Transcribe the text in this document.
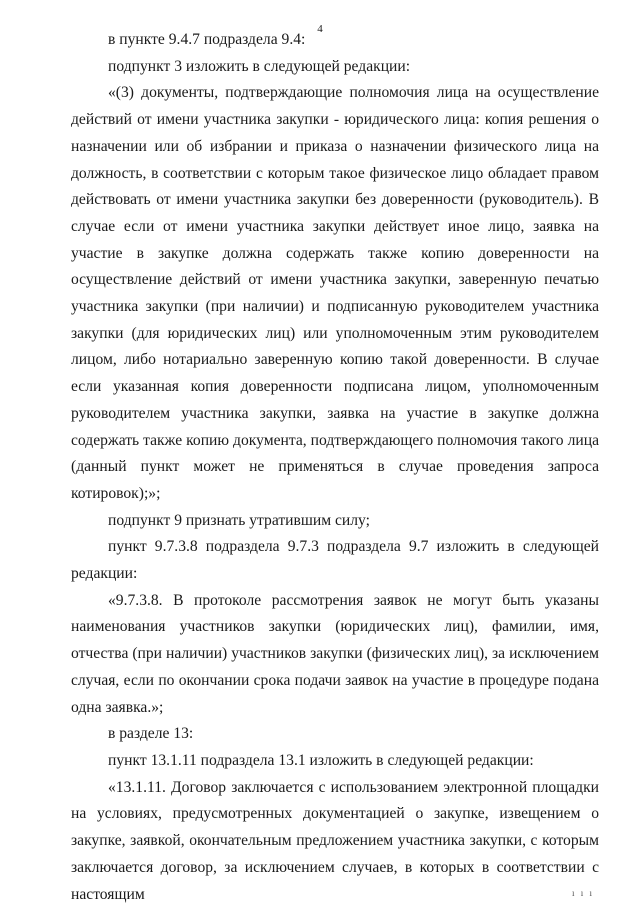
4

в пункте 9.4.7 подраздела 9.4:

подпункт 3 изложить в следующей редакции:

«(3) документы, подтверждающие полномочия лица на осуществление действий от имени участника закупки - юридического лица: копия решения о назначении или об избрании и приказа о назначении физического лица на должность, в соответствии с которым такое физическое лицо обладает правом действовать от имени участника закупки без доверенности (руководитель). В случае если от имени участника закупки действует иное лицо, заявка на участие в закупке должна содержать также копию доверенности на осуществление действий от имени участника закупки, заверенную печатью участника закупки (при наличии) и подписанную руководителем участника закупки (для юридических лиц) или уполномоченным этим руководителем лицом, либо нотариально заверенную копию такой доверенности. В случае если указанная копия доверенности подписана лицом, уполномоченным руководителем участника закупки, заявка на участие в закупке должна содержать также копию документа, подтверждающего полномочия такого лица (данный пункт может не применяться в случае проведения запроса котировок);»;

подпункт 9 признать утратившим силу;

пункт 9.7.3.8 подраздела 9.7.3 подраздела 9.7 изложить в следующей редакции:

«9.7.3.8. В протоколе рассмотрения заявок не могут быть указаны наименования участников закупки (юридических лиц), фамилии, имя, отчества (при наличии) участников закупки (физических лиц), за исключением случая, если по окончании срока подачи заявок на участие в процедуре подана одна заявка.»;

в разделе 13:

пункт 13.1.11 подраздела 13.1 изложить в следующей редакции:

«13.1.11. Договор заключается с использованием электронной площадки на условиях, предусмотренных документацией о закупке, извещением о закупке, заявкой, окончательным предложением участника закупки, с которым заключается договор, за исключением случаев, в которых в соответствии с настоящим	ı ı ı
